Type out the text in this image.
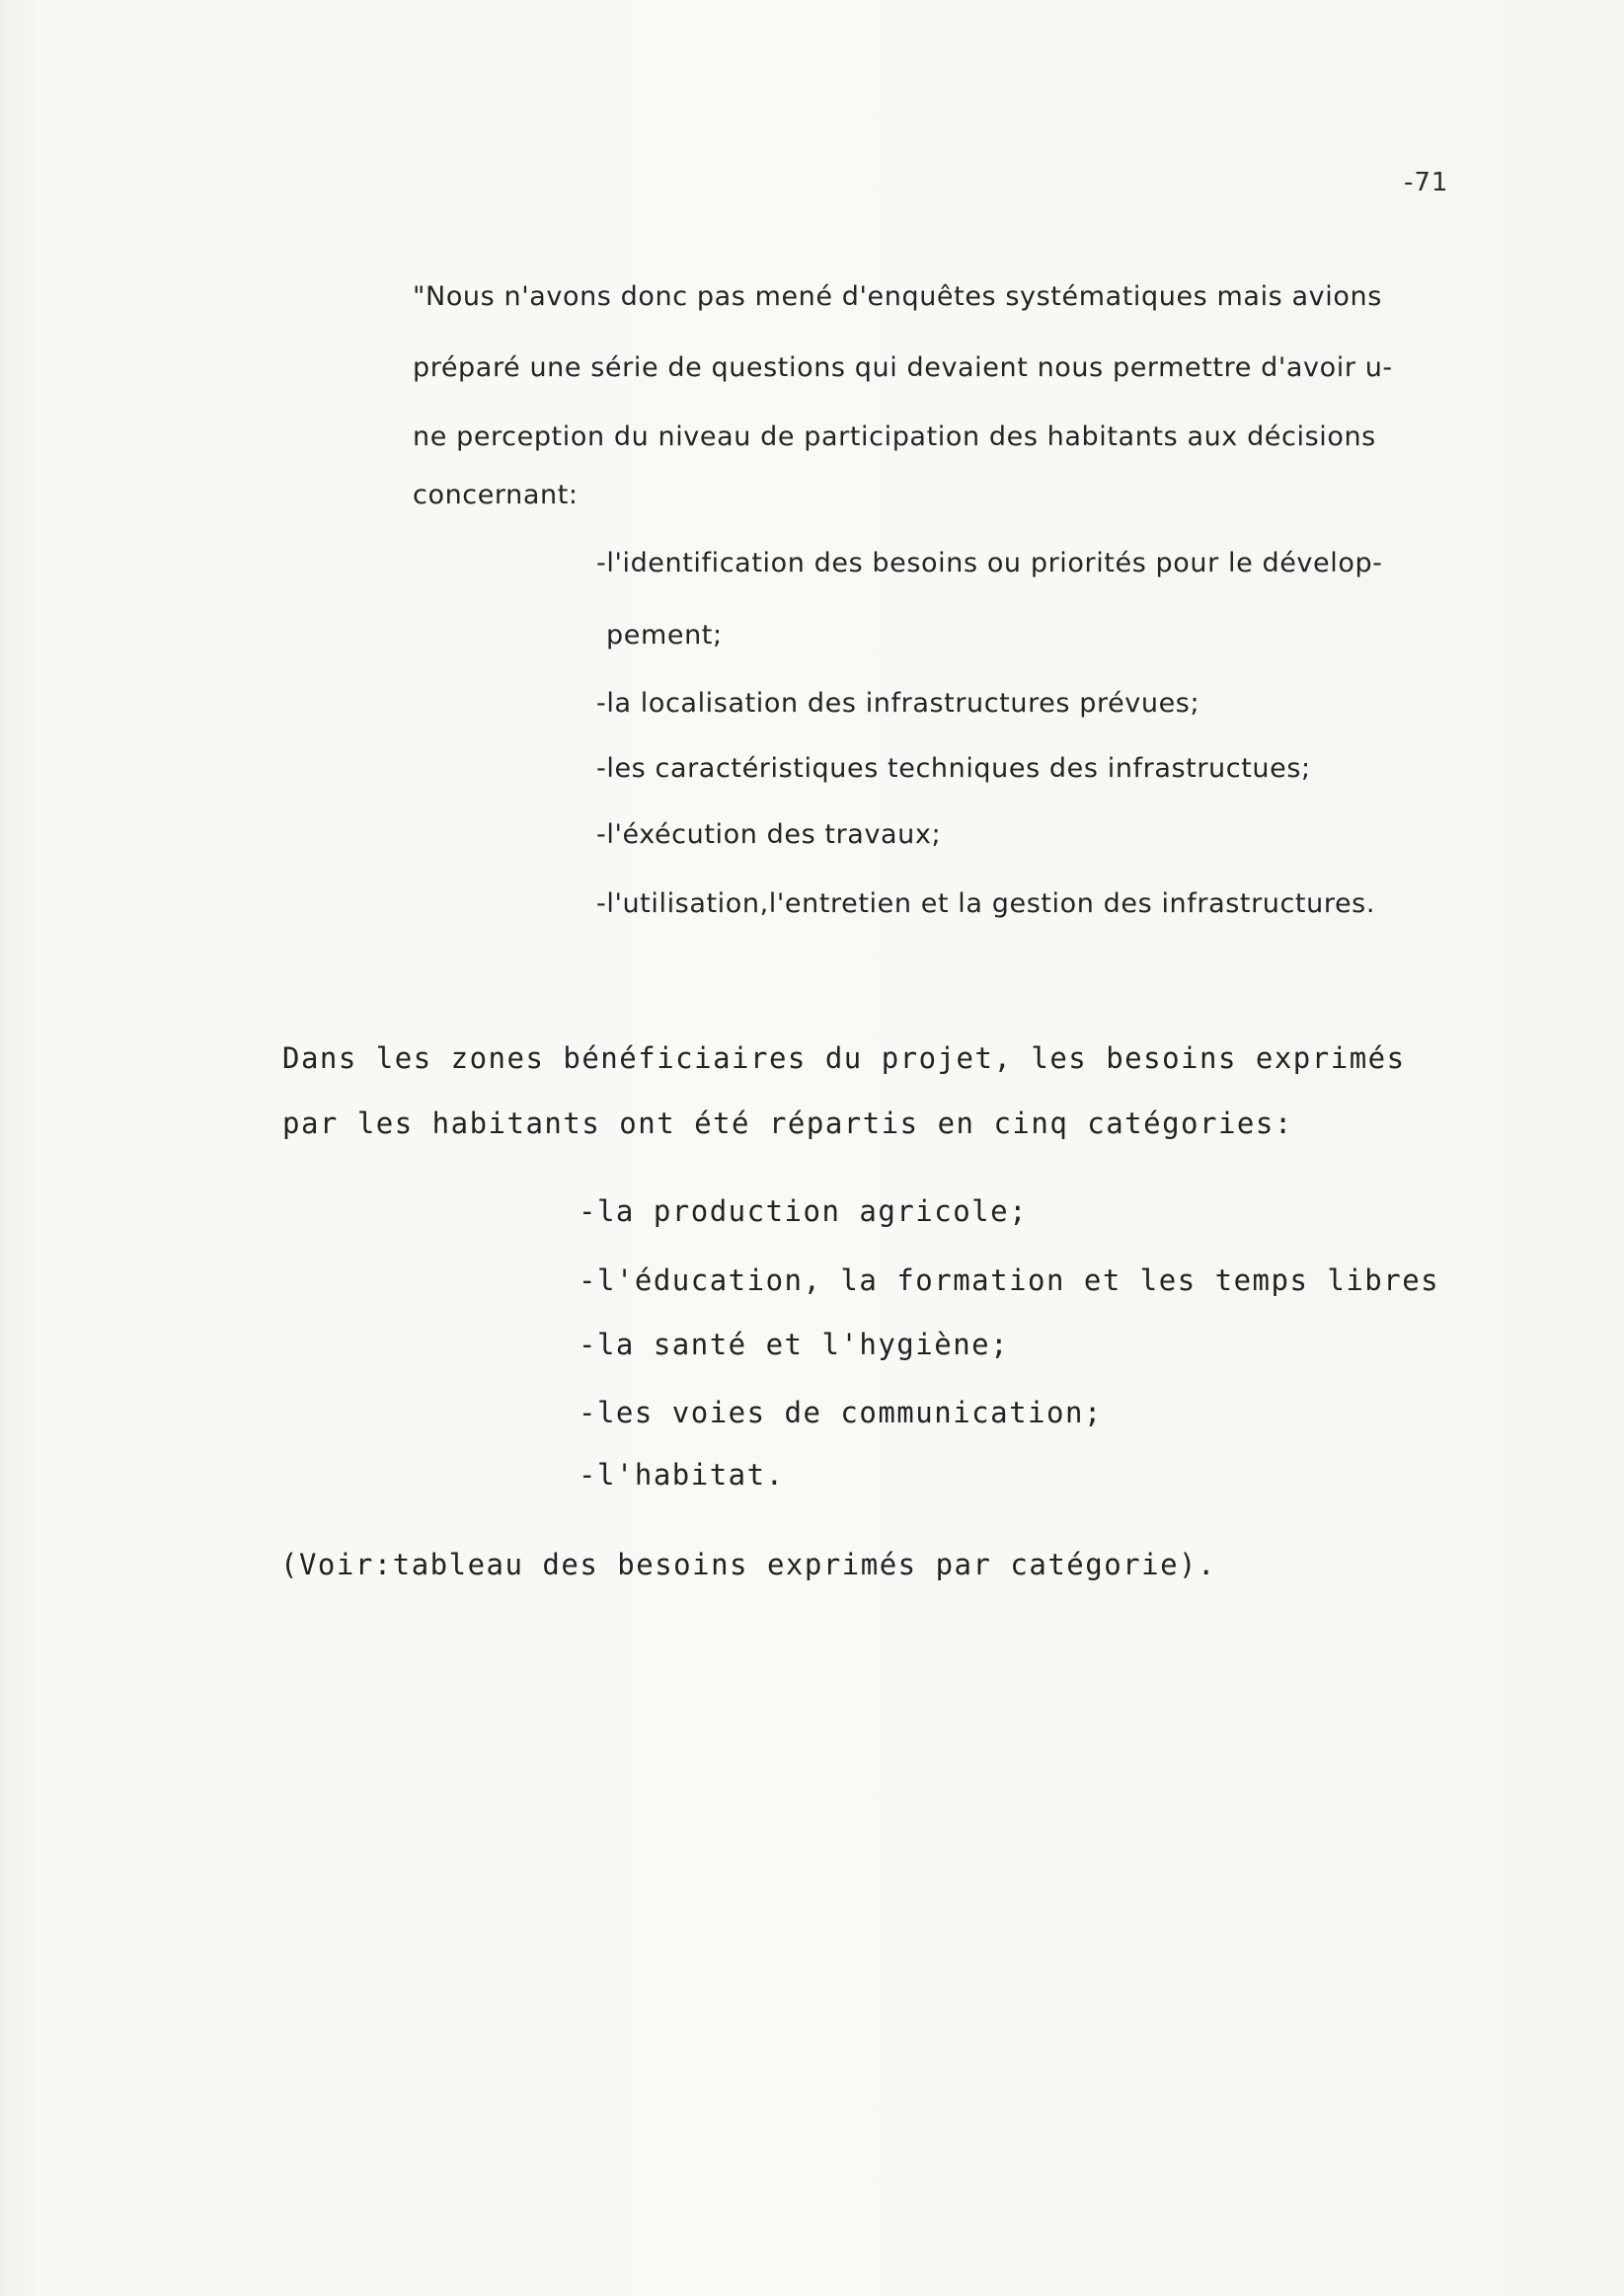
-71
"Nous n'avons donc pas mené d'enquêtes systématiques mais avions
préparé une série de questions qui devaient nous permettre d'avoir u-
ne perception du niveau de participation des habitants aux décisions
concernant:
-l'identification des besoins ou priorités pour le dévelop-
pement;
-la localisation des infrastructures prévues;
-les caractéristiques techniques des infrastructues;
-l'éxécution des travaux;
-l'utilisation,l'entretien et la gestion des infrastructures.
Dans les zones bénéficiaires du projet, les besoins exprimés
par les habitants ont été répartis en cinq catégories:
-la production agricole;
-l'éducation, la formation et les temps libres
-la santé et l'hygiène;
-les voies de communication;
-l'habitat.
(Voir:tableau des besoins exprimés par catégorie).
